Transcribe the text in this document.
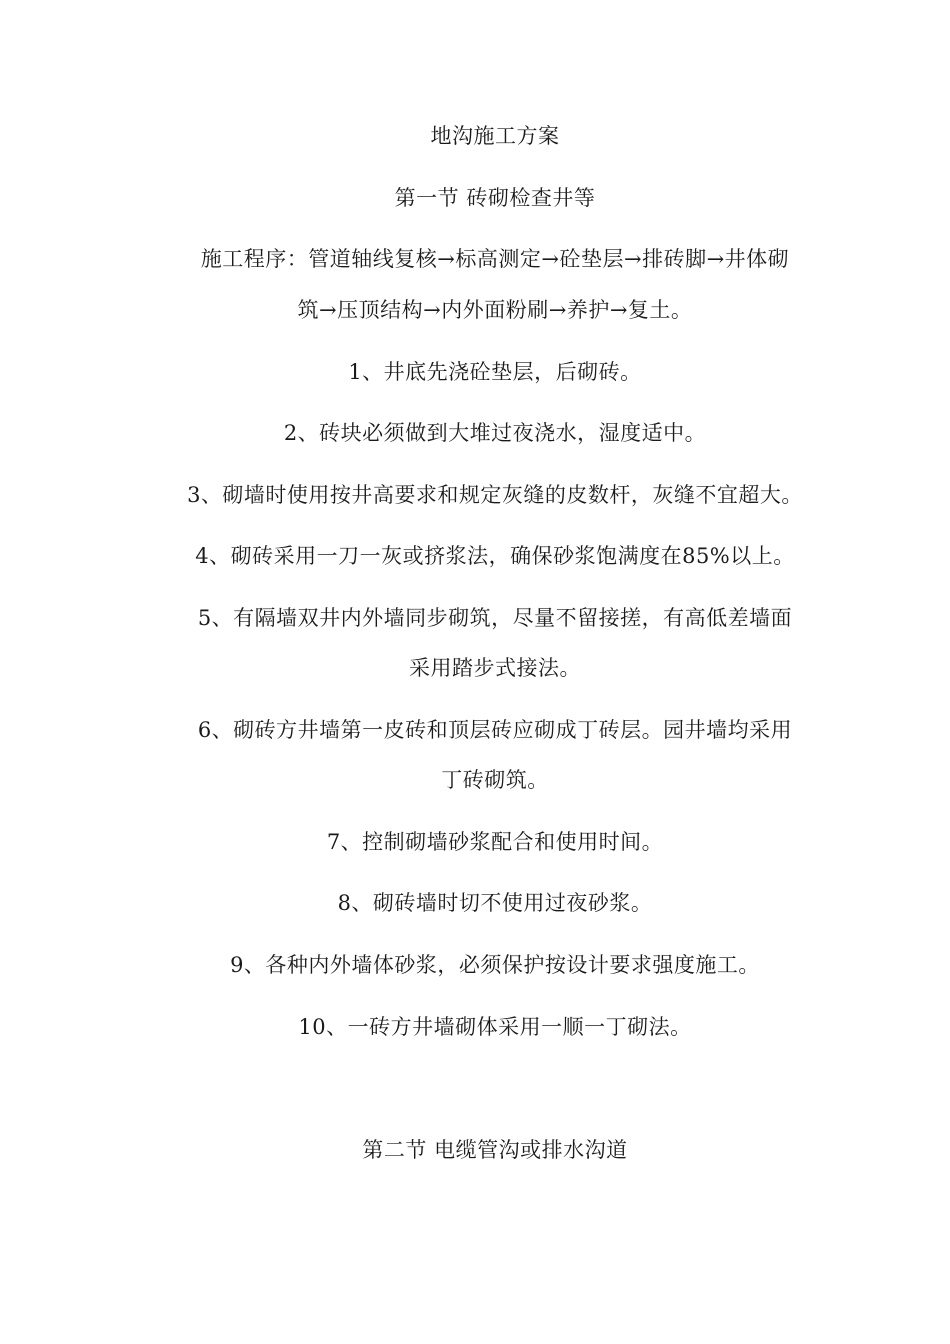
地沟施工方案
第一节 砖砌检查井等
施工程序：管道轴线复核→标高测定→砼垫层→排砖脚→井体砌
筑→压顶结构→内外面粉刷→养护→复土。
1、井底先浇砼垫层，后砌砖。
2、砖块必须做到大堆过夜浇水，湿度适中。
3、砌墙时使用按井高要求和规定灰缝的皮数杆，灰缝不宜超大。
4、砌砖采用一刀一灰或挤浆法，确保砂浆饱满度在85%以上。
5、有隔墙双井内外墙同步砌筑，尽量不留接搓，有高低差墙面
采用踏步式接法。
6、砌砖方井墙第一皮砖和顶层砖应砌成丁砖层。园井墙均采用
丁砖砌筑。
7、控制砌墙砂浆配合和使用时间。
8、砌砖墙时切不使用过夜砂浆。
9、各种内外墙体砂浆，必须保护按设计要求强度施工。
10、一砖方井墙砌体采用一顺一丁砌法。
第二节 电缆管沟或排水沟道
